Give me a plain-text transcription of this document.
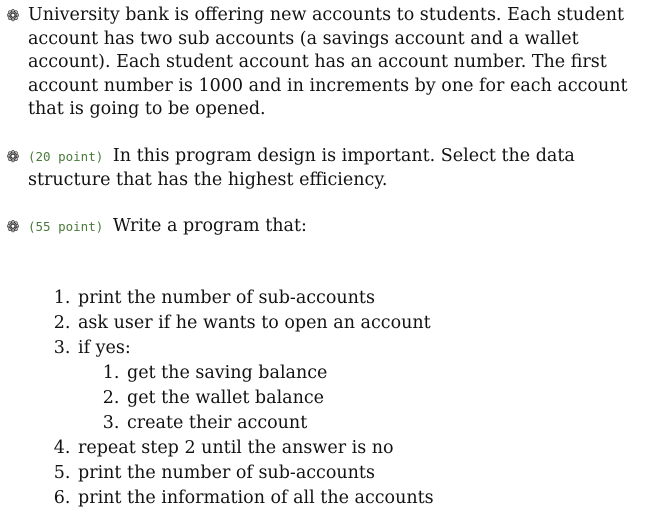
❁ University bank is offering new accounts to students. Each student account has two sub accounts (a savings account and a wallet account). Each student account has an account number. The first account number is 1000 and in increments by one for each account that is going to be opened.
❁ (20 point) In this program design is important. Select the data structure that has the highest efficiency.
❁ (55 point) Write a program that:
1. print the number of sub-accounts
2. ask user if he wants to open an account
3. if yes:
1. get the saving balance
2. get the wallet balance
3. create their account
4. repeat step 2 until the answer is no
5. print the number of sub-accounts
6. print the information of all the accounts
